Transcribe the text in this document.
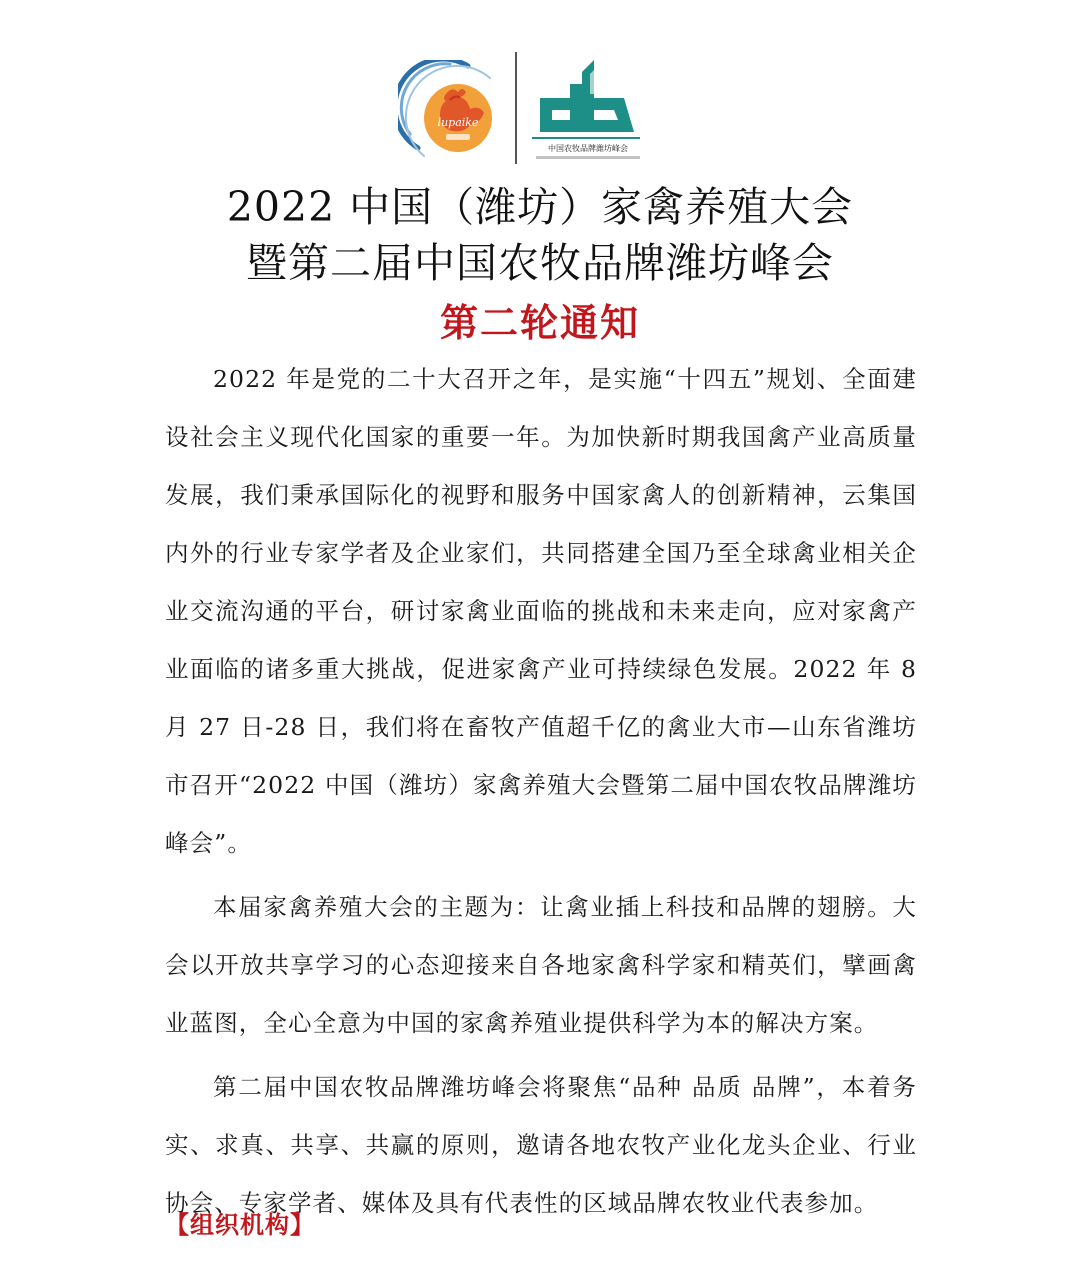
lupaike
中国农牧品牌潍坊峰会
2022 中国（潍坊）家禽养殖大会
暨第二届中国农牧品牌潍坊峰会
第二轮通知

2022 年是党的二十大召开之年，是实施“十四五”规划、全面建设社会主义现代化国家的重要一年。为加快新时期我国禽产业高质量发展，我们秉承国际化的视野和服务中国家禽人的创新精神，云集国内外的行业专家学者及企业家们，共同搭建全国乃至全球禽业相关企业交流沟通的平台，研讨家禽业面临的挑战和未来走向，应对家禽产业面临的诸多重大挑战，促进家禽产业可持续绿色发展。2022 年 8 月 27 日-28 日，我们将在畜牧产值超千亿的禽业大市—山东省潍坊市召开“2022 中国（潍坊）家禽养殖大会暨第二届中国农牧品牌潍坊峰会”。

本届家禽养殖大会的主题为：让禽业插上科技和品牌的翅膀。大会以开放共享学习的心态迎接来自各地家禽科学家和精英们，擘画禽业蓝图，全心全意为中国的家禽养殖业提供科学为本的解决方案。

第二届中国农牧品牌潍坊峰会将聚焦“品种 品质 品牌”，本着务实、求真、共享、共赢的原则，邀请各地农牧产业化龙头企业、行业协会、专家学者、媒体及具有代表性的区域品牌农牧业代表参加。

【组织机构】
